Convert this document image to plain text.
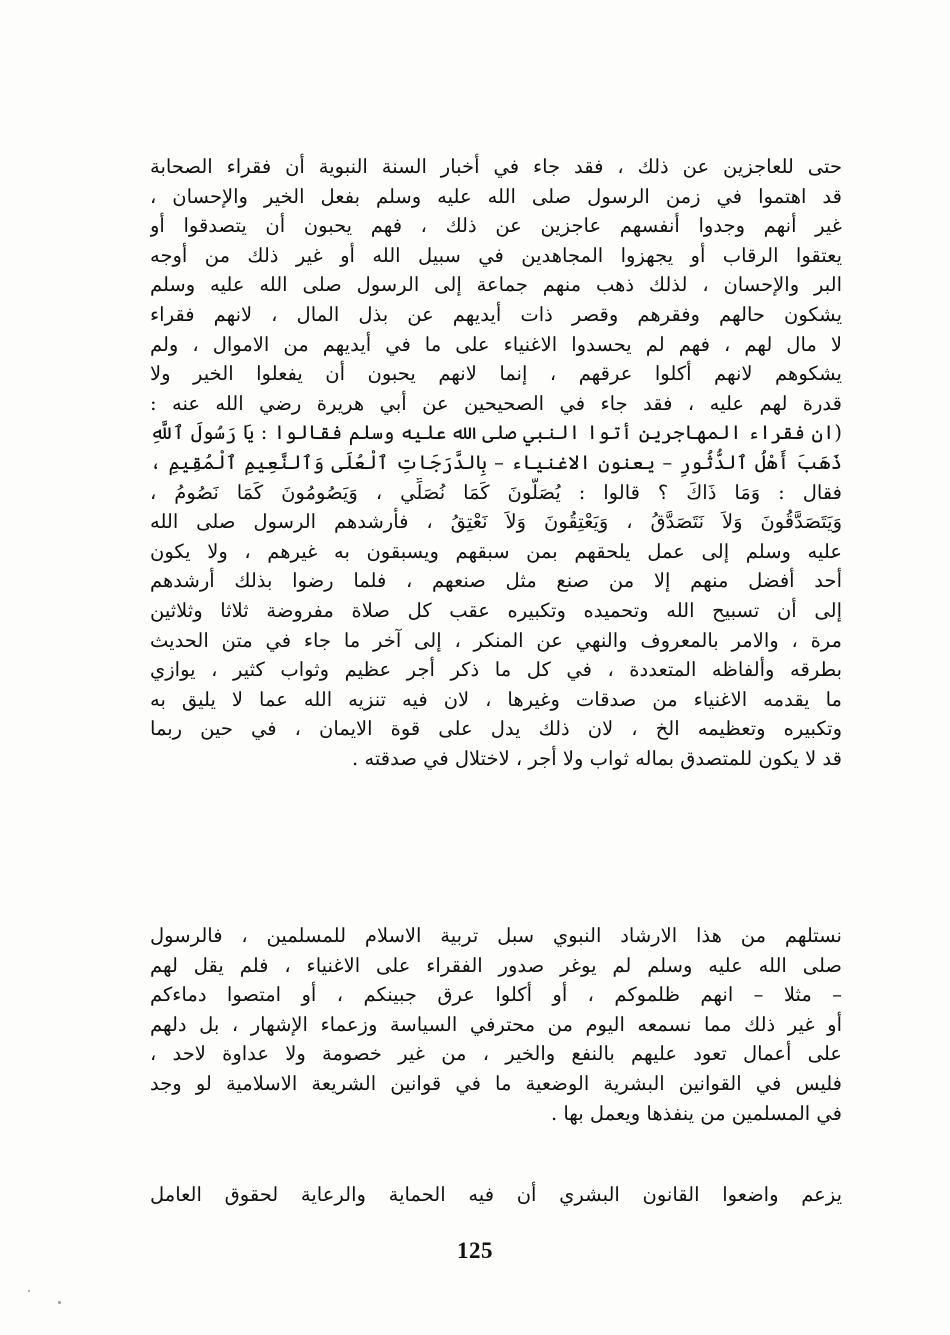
حتى للعاجزين عن ذلك ، فقد جاء في أخبار السنة النبوية أن فقراء الصحابة
قد اهتموا في زمن الرسول صلى الله عليه وسلم بفعل الخير والإحسان ،
غير أنهم وجدوا أنفسهم عاجزين عن ذلك ، فهم يحبون أن يتصدقوا أو
يعتقوا الرقاب أو يجهزوا المجاهدين في سبيل الله أو غير ذلك من أوجه
البر والإحسان ، لذلك ذهب منهم جماعة إلى الرسول صلى الله عليه وسلم
يشكون حالهم وفقرهم وقصر ذات أيديهم عن بذل المال ، لانهم فقراء
لا مال لهم ، فهم لم يحسدوا الاغنياء على ما في أيديهم من الاموال ، ولم
يشكوهم لانهم أكلوا عرقهم ، إنما لانهم يحبون أن يفعلوا الخير ولا
قدرة لهم عليه ، فقد جاء في الصحيحين عن أبي هريرة رضي الله عنه :
(ان فقراء المهاجرين أتوا النبي صلى الله عليه وسلم فقالوا : يَا رَسُولَ ٱللَّهِ
ذَهَبَ أَهْلُ ٱلدُّثُورِ – يعنون الاغنياء – بِالدَّرَجَاتِ ٱلْعُلَى وَٱلنَّعِيمِ ٱلْمُقِيمِ ،
فقال : وَمَا ذَاكَ ؟ قالوا : يُصَلُّونَ كَمَا نُصَلِّي ، وَيَصُومُونَ كَمَا نَصُومُ ،
وَيَتَصَدَّقُونَ وَلاَ نَتَصَدَّقُ ، وَيَعْتِقُونَ وَلاَ نَعْتِقُ ، فأرشدهم الرسول صلى الله
عليه وسلم إلى عمل يلحقهم بمن سبقهم ويسبقون به غيرهم ، ولا يكون
أحد أفضل منهم إلا من صنع مثل صنعهم ، فلما رضوا بذلك أرشدهم
إلى أن تسبيح الله وتحميده وتكبيره عقب كل صلاة مفروضة ثلاثا وثلاثين
مرة ، والامر بالمعروف والنهي عن المنكر ، إلى آخر ما جاء في متن الحديث
بطرقه وألفاظه المتعددة ، في كل ما ذكر أجر عظيم وثواب كثير ، يوازي
ما يقدمه الاغنياء من صدقات وغيرها ، لان فيه تنزيه الله عما لا يليق به
وتكبيره وتعظيمه الخ ، لان ذلك يدل على قوة الايمان ، في حين ربما
قد لا يكون للمتصدق بماله ثواب ولا أجر ، لاختلال في صدقته .
نستلهم من هذا الارشاد النبوي سبل تربية الاسلام للمسلمين ، فالرسول
صلى الله عليه وسلم لم يوغر صدور الفقراء على الاغنياء ، فلم يقل لهم
– مثلا – انهم ظلموكم ، أو أكلوا عرق جبينكم ، أو امتصوا دماءكم
أو غير ذلك مما نسمعه اليوم من محترفي السياسة وزعماء الإشهار ، بل دلهم
على أعمال تعود عليهم بالنفع والخير ، من غير خصومة ولا عداوة لاحد ،
فليس في القوانين البشرية الوضعية ما في قوانين الشريعة الاسلامية لو وجد
في المسلمين من ينفذها ويعمل بها .
يزعم واضعوا القانون البشري أن فيه الحماية والرعاية لحقوق العامل
125
